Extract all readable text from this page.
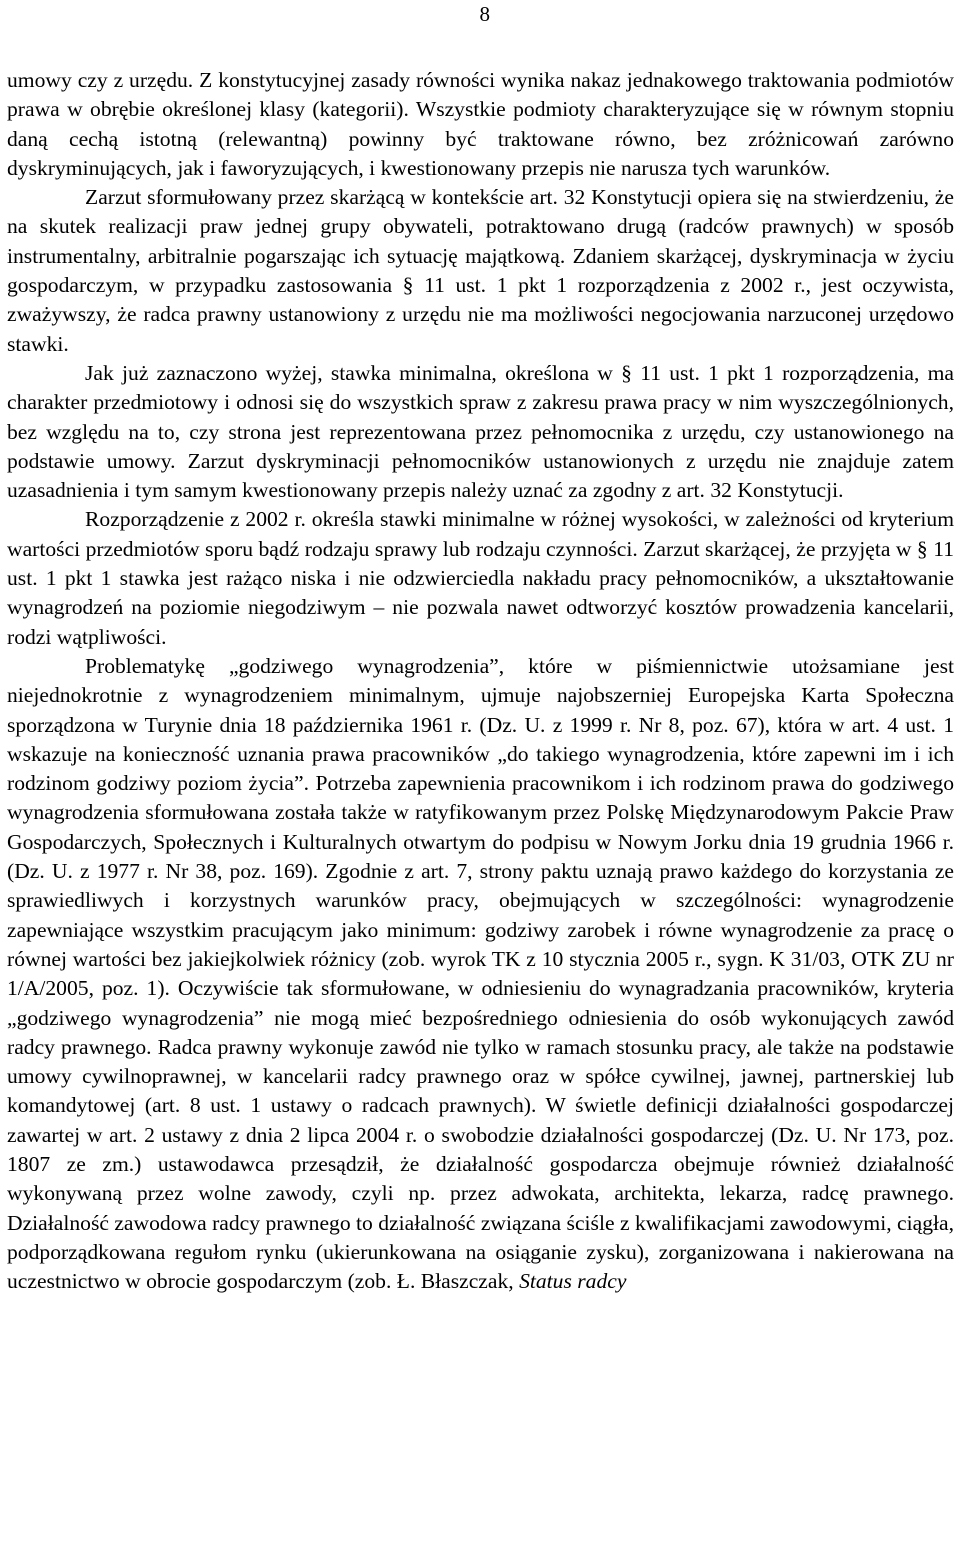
8

umowy czy z urzędu. Z konstytucyjnej zasady równości wynika nakaz jednakowego traktowania podmiotów prawa w obrębie określonej klasy (kategorii). Wszystkie podmioty charakteryzujące się w równym stopniu daną cechą istotną (relewantną) powinny być traktowane równo, bez zróżnicowań zarówno dyskryminujących, jak i faworyzujących, i kwestionowany przepis nie narusza tych warunków.

Zarzut sformułowany przez skarżącą w kontekście art. 32 Konstytucji opiera się na stwierdzeniu, że na skutek realizacji praw jednej grupy obywateli, potraktowano drugą (radców prawnych) w sposób instrumentalny, arbitralnie pogarszając ich sytuację majątkową. Zdaniem skarżącej, dyskryminacja w życiu gospodarczym, w przypadku zastosowania § 11 ust. 1 pkt 1 rozporządzenia z 2002 r., jest oczywista, zważywszy, że radca prawny ustanowiony z urzędu nie ma możliwości negocjowania narzuconej urzędowo stawki.

Jak już zaznaczono wyżej, stawka minimalna, określona w § 11 ust. 1 pkt 1 rozporządzenia, ma charakter przedmiotowy i odnosi się do wszystkich spraw z zakresu prawa pracy w nim wyszczególnionych, bez względu na to, czy strona jest reprezentowana przez pełnomocnika z urzędu, czy ustanowionego na podstawie umowy. Zarzut dyskryminacji pełnomocników ustanowionych z urzędu nie znajduje zatem uzasadnienia i tym samym kwestionowany przepis należy uznać za zgodny z art. 32 Konstytucji.

Rozporządzenie z 2002 r. określa stawki minimalne w różnej wysokości, w zależności od kryterium wartości przedmiotów sporu bądź rodzaju sprawy lub rodzaju czynności. Zarzut skarżącej, że przyjęta w § 11 ust. 1 pkt 1 stawka jest rażąco niska i nie odzwierciedla nakładu pracy pełnomocników, a ukształtowanie wynagrodzeń na poziomie niegodziwym – nie pozwala nawet odtworzyć kosztów prowadzenia kancelarii, rodzi wątpliwości.

Problematykę „godziwego wynagrodzenia”, które w piśmiennictwie utożsamiane jest niejednokrotnie z wynagrodzeniem minimalnym, ujmuje najobszerniej Europejska Karta Społeczna sporządzona w Turynie dnia 18 października 1961 r. (Dz. U. z 1999 r. Nr 8, poz. 67), która w art. 4 ust. 1 wskazuje na konieczność uznania prawa pracowników „do takiego wynagrodzenia, które zapewni im i ich rodzinom godziwy poziom życia”. Potrzeba zapewnienia pracownikom i ich rodzinom prawa do godziwego wynagrodzenia sformułowana została także w ratyfikowanym przez Polskę Międzynarodowym Pakcie Praw Gospodarczych, Społecznych i Kulturalnych otwartym do podpisu w Nowym Jorku dnia 19 grudnia 1966 r. (Dz. U. z 1977 r. Nr 38, poz. 169). Zgodnie z art. 7, strony paktu uznają prawo każdego do korzystania ze sprawiedliwych i korzystnych warunków pracy, obejmujących w szczególności: wynagrodzenie zapewniające wszystkim pracującym jako minimum: godziwy zarobek i równe wynagrodzenie za pracę o równej wartości bez jakiejkolwiek różnicy (zob. wyrok TK z 10 stycznia 2005 r., sygn. K 31/03, OTK ZU nr 1/A/2005, poz. 1). Oczywiście tak sformułowane, w odniesieniu do wynagradzania pracowników, kryteria „godziwego wynagrodzenia” nie mogą mieć bezpośredniego odniesienia do osób wykonujących zawód radcy prawnego. Radca prawny wykonuje zawód nie tylko w ramach stosunku pracy, ale także na podstawie umowy cywilnoprawnej, w kancelarii radcy prawnego oraz w spółce cywilnej, jawnej, partnerskiej lub komandytowej (art. 8 ust. 1 ustawy o radcach prawnych). W świetle definicji działalności gospodarczej zawartej w art. 2 ustawy z dnia 2 lipca 2004 r. o swobodzie działalności gospodarczej (Dz. U. Nr 173, poz. 1807 ze zm.) ustawodawca przesądził, że działalność gospodarcza obejmuje również działalność wykonywaną przez wolne zawody, czyli np. przez adwokata, architekta, lekarza, radcę prawnego. Działalność zawodowa radcy prawnego to działalność związana ściśle z kwalifikacjami zawodowymi, ciągła, podporządkowana regułom rynku (ukierunkowana na osiąganie zysku), zorganizowana i nakierowana na uczestnictwo w obrocie gospodarczym (zob. Ł. Błaszczak, Status radcy
